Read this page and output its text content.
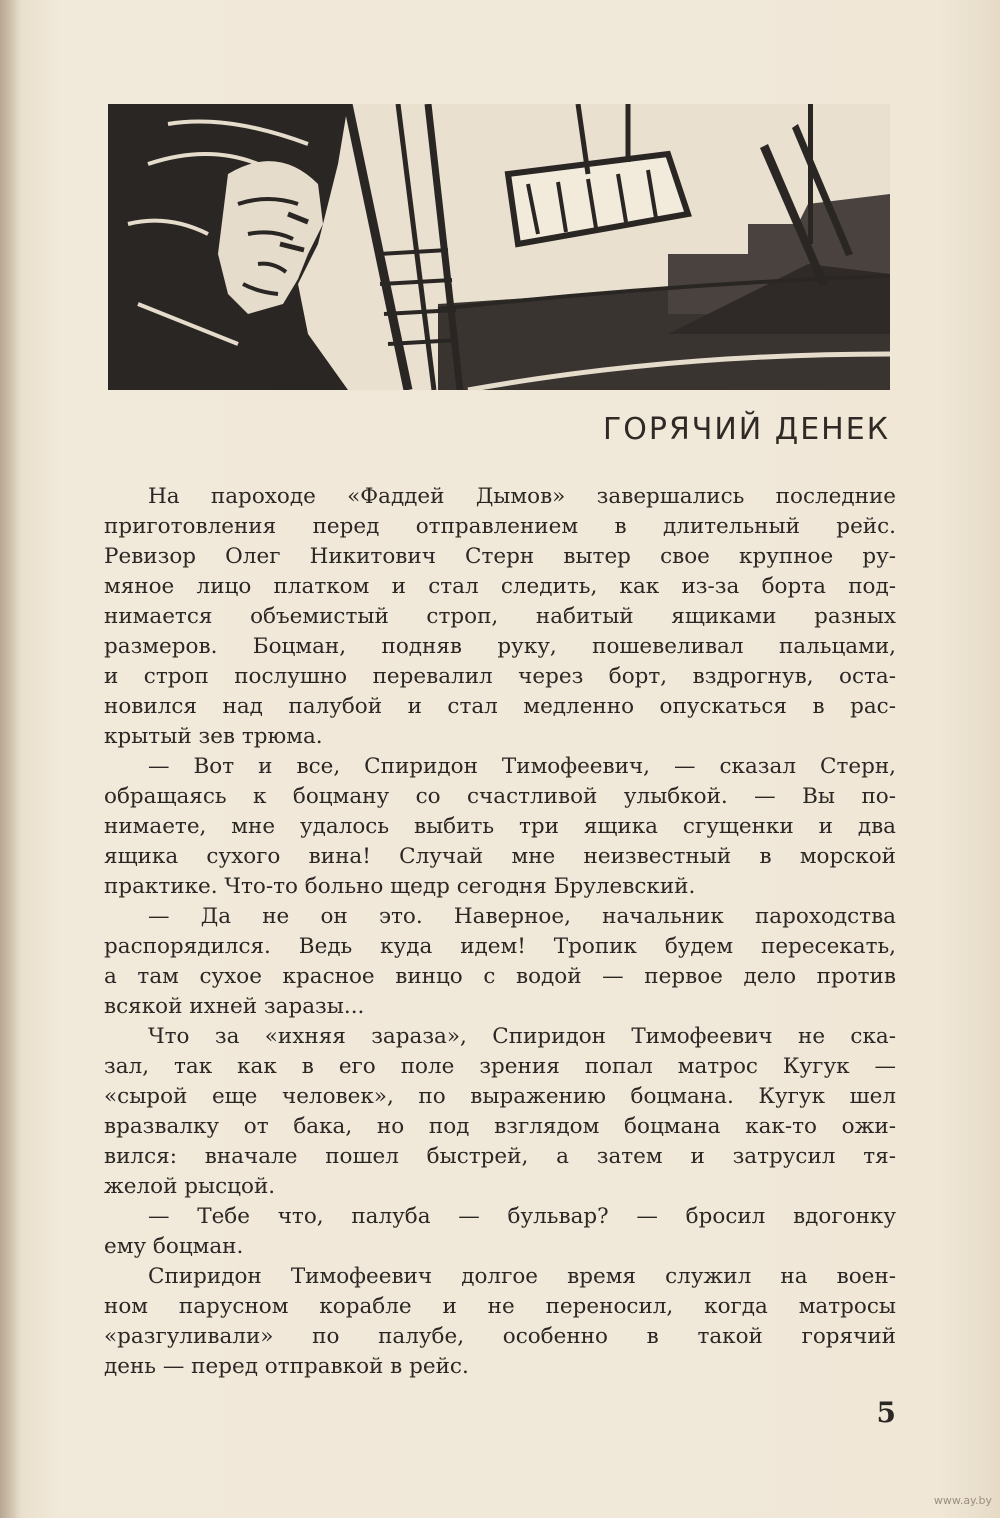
ГОРЯЧИЙ ДЕНЕК
На пароходе «Фаддей Дымов» завершались последние
приготовления перед отправлением в длительный рейс.
Ревизор Олег Никитович Стерн вытер свое крупное ру-
мяное лицо платком и стал следить, как из-за борта под-
нимается объемистый строп, набитый ящиками разных
размеров. Боцман, подняв руку, пошевеливал пальцами,
и строп послушно перевалил через борт, вздрогнув, оста-
новился над палубой и стал медленно опускаться в рас-
крытый зев трюма.
— Вот и все, Спиридон Тимофеевич, — сказал Стерн,
обращаясь к боцману со счастливой улыбкой. — Вы по-
нимаете, мне удалось выбить три ящика сгущенки и два
ящика сухого вина! Случай мне неизвестный в морской
практике. Что-то больно щедр сегодня Брулевский.
— Да не он это. Наверное, начальник пароходства
распорядился. Ведь куда идем! Тропик будем пересекать,
а там сухое красное винцо с водой — первое дело против
всякой ихней заразы...
Что за «ихняя зараза», Спиридон Тимофеевич не ска-
зал, так как в его поле зрения попал матрос Кугук —
«сырой еще человек», по выражению боцмана. Кугук шел
вразвалку от бака, но под взглядом боцмана как-то ожи-
вился: вначале пошел быстрей, а затем и затрусил тя-
желой рысцой.
— Тебе что, палуба — бульвар? — бросил вдогонку
ему боцман.
Спиридон Тимофеевич долгое время служил на воен-
ном парусном корабле и не переносил, когда матросы
«разгуливали» по палубе, особенно в такой горячий
день — перед отправкой в рейс.
5
www.ay.by
